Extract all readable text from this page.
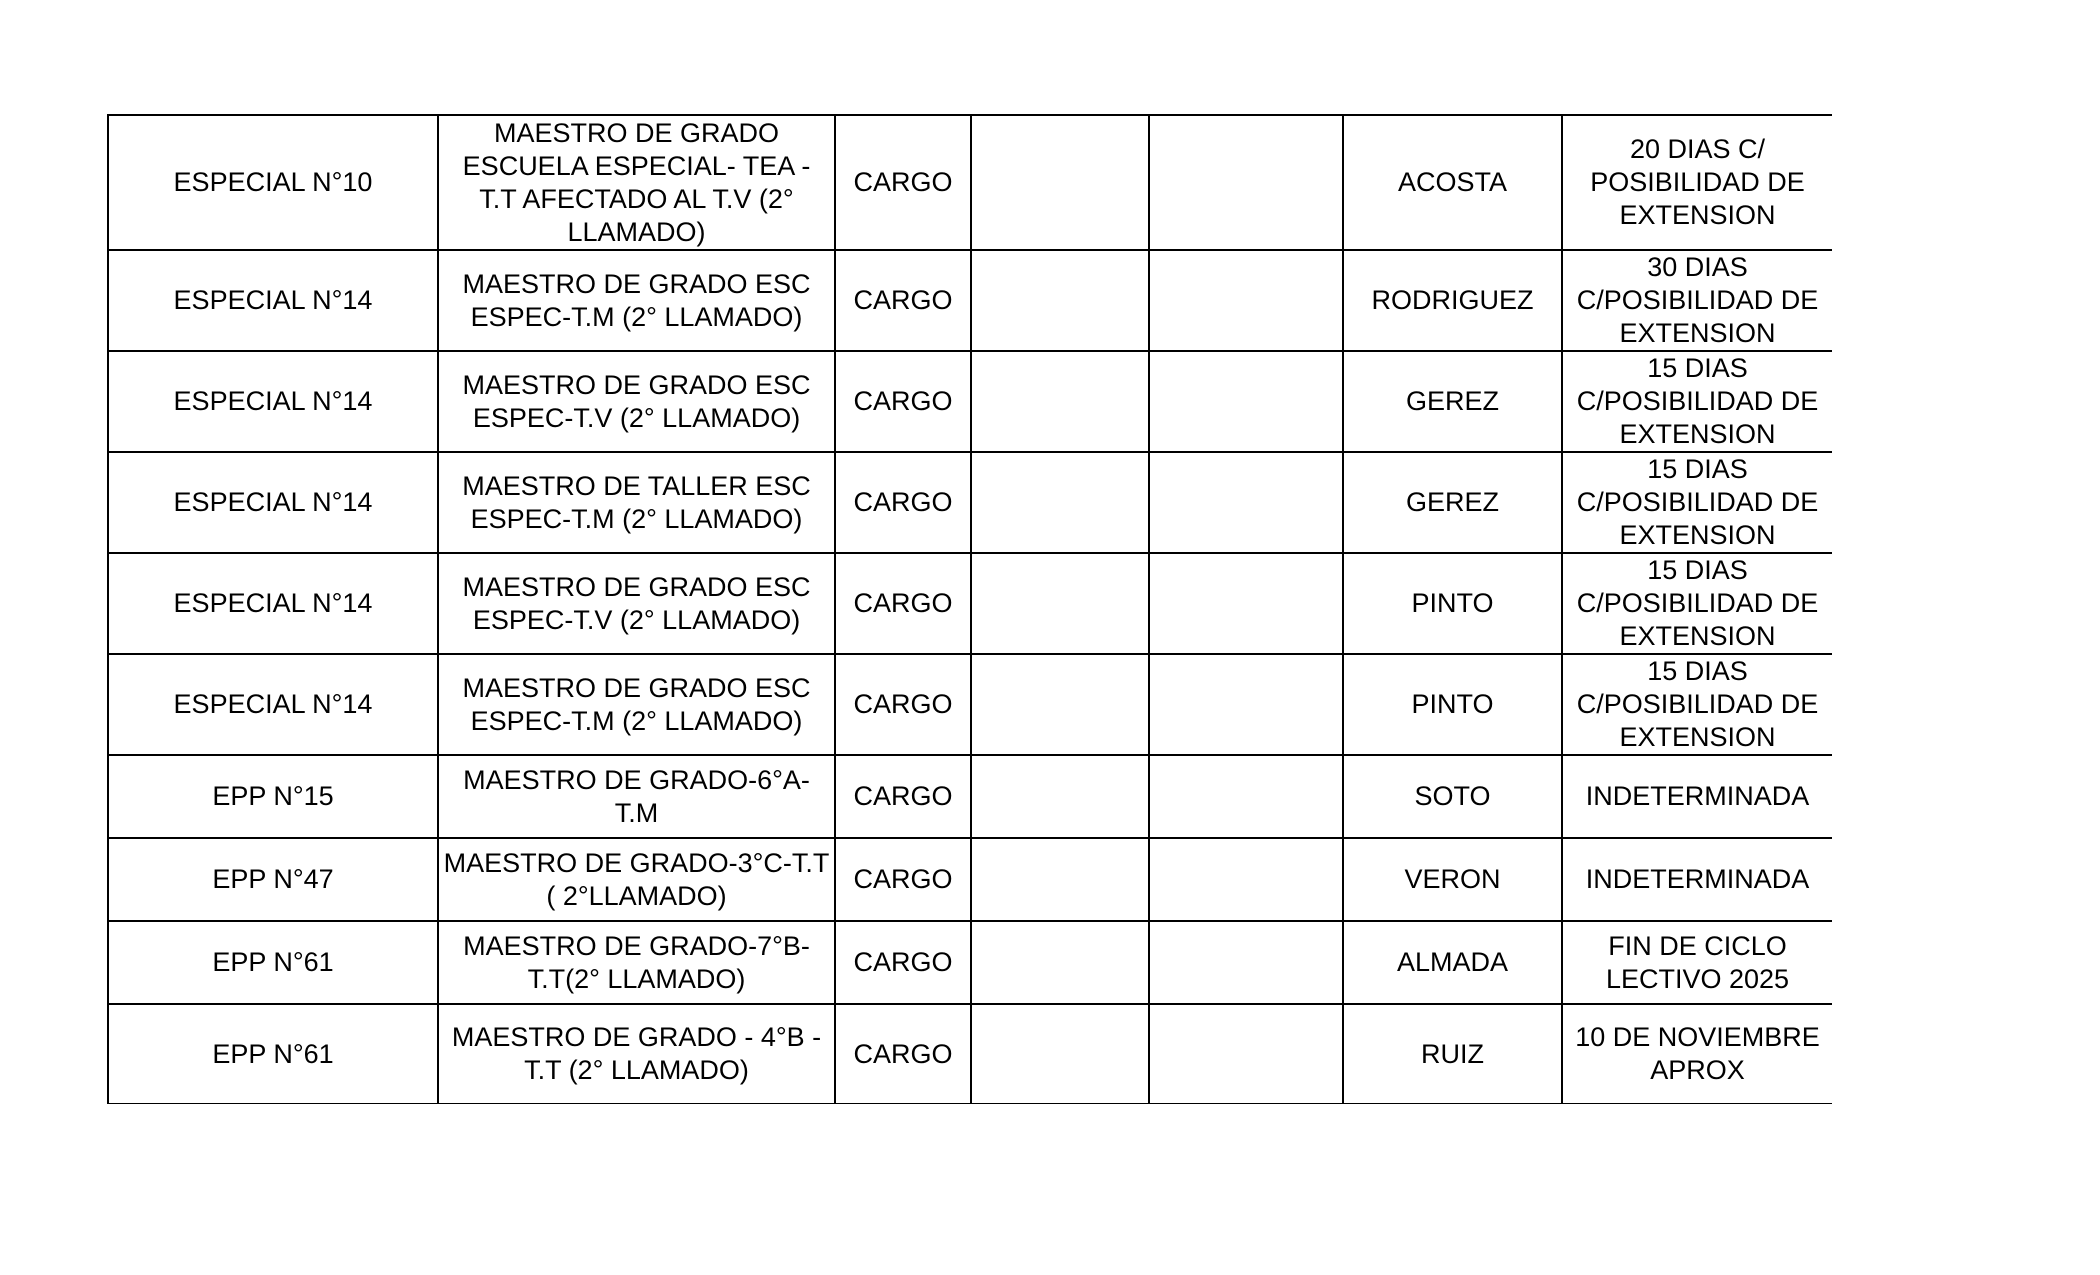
ESPECIAL N°10	MAESTRO DE GRADO ESCUELA ESPECIAL- TEA - T.T AFECTADO AL T.V (2° LLAMADO)	CARGO			ACOSTA	20 DIAS C/ POSIBILIDAD DE EXTENSION
ESPECIAL N°14	MAESTRO DE GRADO ESC ESPEC-T.M (2° LLAMADO)	CARGO			RODRIGUEZ	30 DIAS C/POSIBILIDAD DE EXTENSION
ESPECIAL N°14	MAESTRO DE GRADO ESC ESPEC-T.V (2° LLAMADO)	CARGO			GEREZ	15 DIAS C/POSIBILIDAD DE EXTENSION
ESPECIAL N°14	MAESTRO DE TALLER ESC ESPEC-T.M (2° LLAMADO)	CARGO			GEREZ	15 DIAS C/POSIBILIDAD DE EXTENSION
ESPECIAL N°14	MAESTRO DE GRADO ESC ESPEC-T.V (2° LLAMADO)	CARGO			PINTO	15 DIAS C/POSIBILIDAD DE EXTENSION
ESPECIAL N°14	MAESTRO DE GRADO ESC ESPEC-T.M (2° LLAMADO)	CARGO			PINTO	15 DIAS C/POSIBILIDAD DE EXTENSION
EPP N°15	MAESTRO DE GRADO-6°A-T.M	CARGO			SOTO	INDETERMINADA
EPP N°47	MAESTRO DE GRADO-3°C-T.T ( 2°LLAMADO)	CARGO			VERON	INDETERMINADA
EPP N°61	MAESTRO DE GRADO-7°B-T.T(2° LLAMADO)	CARGO			ALMADA	FIN DE CICLO LECTIVO 2025
EPP N°61	MAESTRO DE GRADO - 4°B - T.T (2° LLAMADO)	CARGO			RUIZ	10 DE NOVIEMBRE APROX
